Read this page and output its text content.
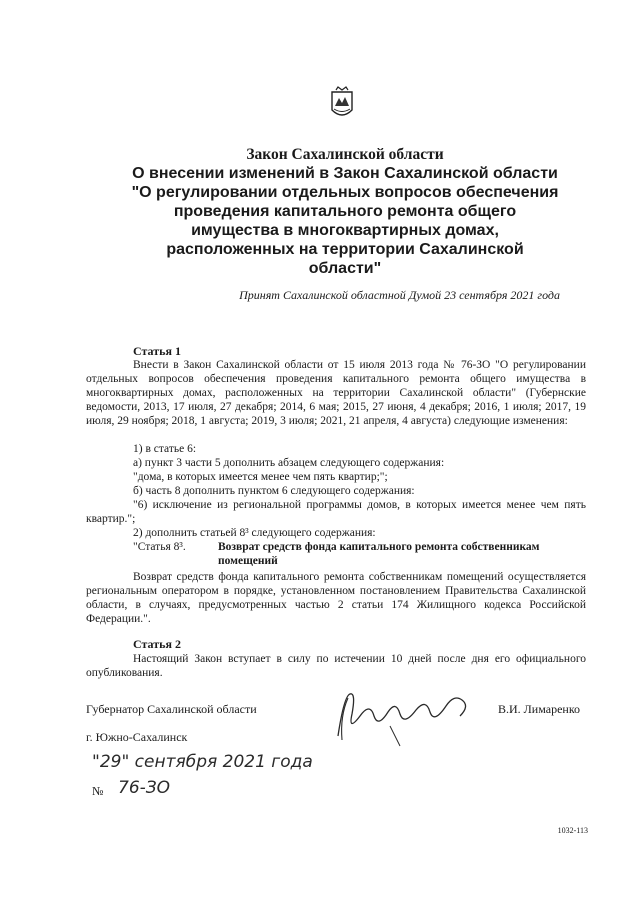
Закон Сахалинской области
О внесении изменений в Закон Сахалинской области "О регулировании отдельных вопросов обеспечения проведения капитального ремонта общего имущества в многоквартирных домах, расположенных на территории Сахалинской области"
Принят Сахалинской областной Думой 23 сентября 2021 года
Статья 1
Внести в Закон Сахалинской области от 15 июля 2013 года № 76-ЗО "О регулировании отдельных вопросов обеспечения проведения капитального ремонта общего имущества в многоквартирных домах, расположенных на территории Сахалинской области" (Губернские ведомости, 2013, 17 июля, 27 декабря; 2014, 6 мая; 2015, 27 июня, 4 декабря; 2016, 1 июля; 2017, 19 июля, 29 ноября; 2018, 1 августа; 2019, 3 июля; 2021, 21 апреля, 4 августа) следующие изменения:
1) в статье 6:
а) пункт 3 части 5 дополнить абзацем следующего содержания:
"дома, в которых имеется менее чем пять квартир;";
б) часть 8 дополнить пунктом 6 следующего содержания:
"6) исключение из региональной программы домов, в которых имеется менее чем пять квартир.";
2) дополнить статьей 8³ следующего содержания:
"Статья 8³.	Возврат средств фонда капитального ремонта собственникам помещений
Возврат средств фонда капитального ремонта собственникам помещений осуществляется региональным оператором в порядке, установленном постановлением Правительства Сахалинской области, в случаях, предусмотренных частью 2 статьи 174 Жилищного кодекса Российской Федерации.".
Статья 2
Настоящий Закон вступает в силу по истечении 10 дней после дня его официального опубликования.
Губернатор Сахалинской области	В.И. Лимаренко
г. Южно-Сахалинск
"29" сентября 2021 года
№ 76-ЗО
1032-113
